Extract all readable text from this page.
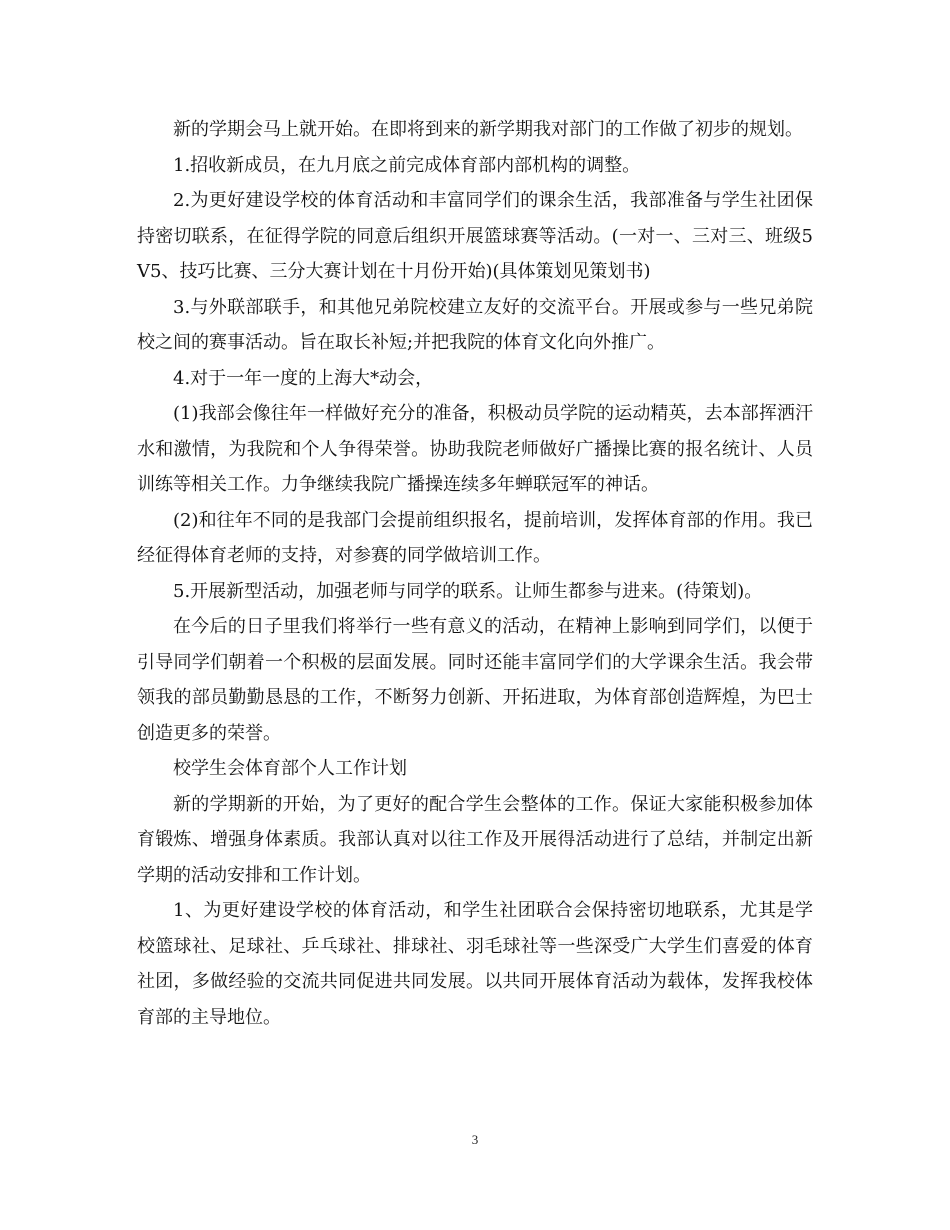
新的学期会马上就开始。在即将到来的新学期我对部门的工作做了初步的规划。

1.招收新成员，在九月底之前完成体育部内部机构的调整。

2.为更好建设学校的体育活动和丰富同学们的课余生活，我部准备与学生社团保持密切联系，在征得学院的同意后组织开展篮球赛等活动。(一对一、三对三、班级5V5、技巧比赛、三分大赛计划在十月份开始)(具体策划见策划书)

3.与外联部联手，和其他兄弟院校建立友好的交流平台。开展或参与一些兄弟院校之间的赛事活动。旨在取长补短;并把我院的体育文化向外推广。

4.对于一年一度的上海大*动会，

(1)我部会像往年一样做好充分的准备，积极动员学院的运动精英，去本部挥洒汗水和激情，为我院和个人争得荣誉。协助我院老师做好广播操比赛的报名统计、人员训练等相关工作。力争继续我院广播操连续多年蝉联冠军的神话。

(2)和往年不同的是我部门会提前组织报名，提前培训，发挥体育部的作用。我已经征得体育老师的支持，对参赛的同学做培训工作。

5.开展新型活动，加强老师与同学的联系。让师生都参与进来。(待策划)。

在今后的日子里我们将举行一些有意义的活动，在精神上影响到同学们，以便于引导同学们朝着一个积极的层面发展。同时还能丰富同学们的大学课余生活。我会带领我的部员勤勤恳恳的工作，不断努力创新、开拓进取，为体育部创造辉煌，为巴士创造更多的荣誉。

校学生会体育部个人工作计划

新的学期新的开始，为了更好的配合学生会整体的工作。保证大家能积极参加体育锻炼、增强身体素质。我部认真对以往工作及开展得活动进行了总结，并制定出新学期的活动安排和工作计划。

1、为更好建设学校的体育活动，和学生社团联合会保持密切地联系，尤其是学校篮球社、足球社、乒乓球社、排球社、羽毛球社等一些深受广大学生们喜爱的体育社团，多做经验的交流共同促进共同发展。以共同开展体育活动为载体，发挥我校体育部的主导地位。

3
